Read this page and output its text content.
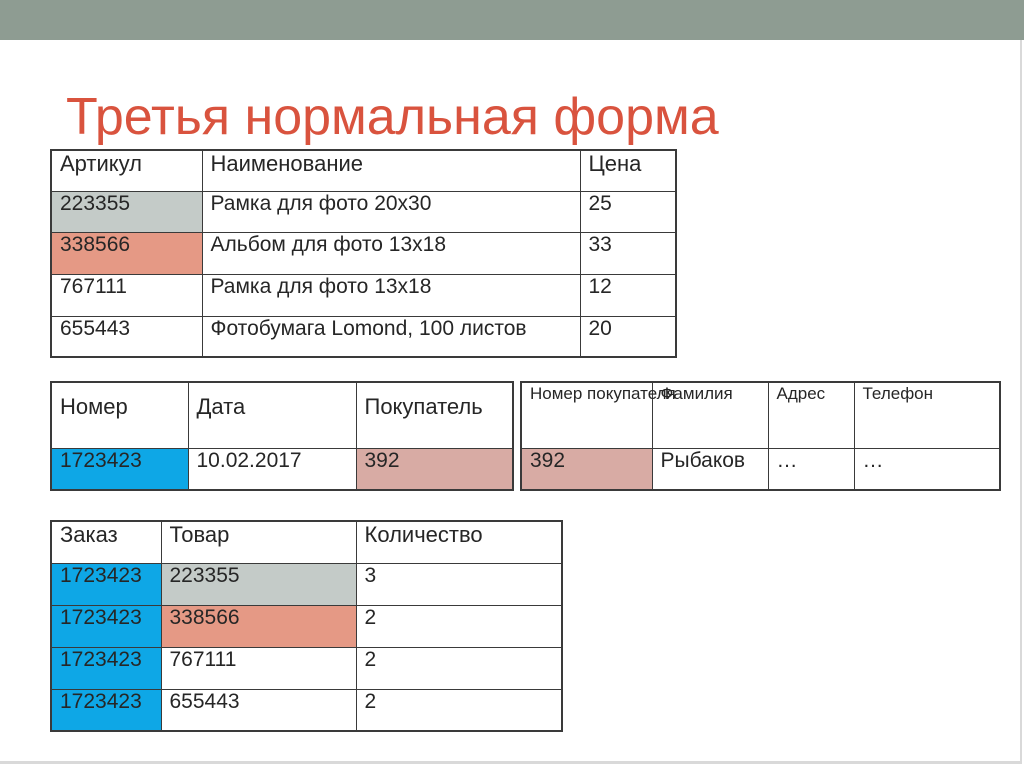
Третья нормальная форма
Артикул	Наименование	Цена
223355	Рамка для фото 20х30	25
338566	Альбом для фото 13х18	33
767111	Рамка для фото 13х18	12
655443	Фотобумага Lomond, 100 листов	20
Номер	Дата	Покупатель
1723423	10.02.2017	392
Номер покупателя	Фамилия	Адрес	Телефон
392	Рыбаков	…	…
Заказ	Товар	Количество
1723423	223355	3
1723423	338566	2
1723423	767111	2
1723423	655443	2
